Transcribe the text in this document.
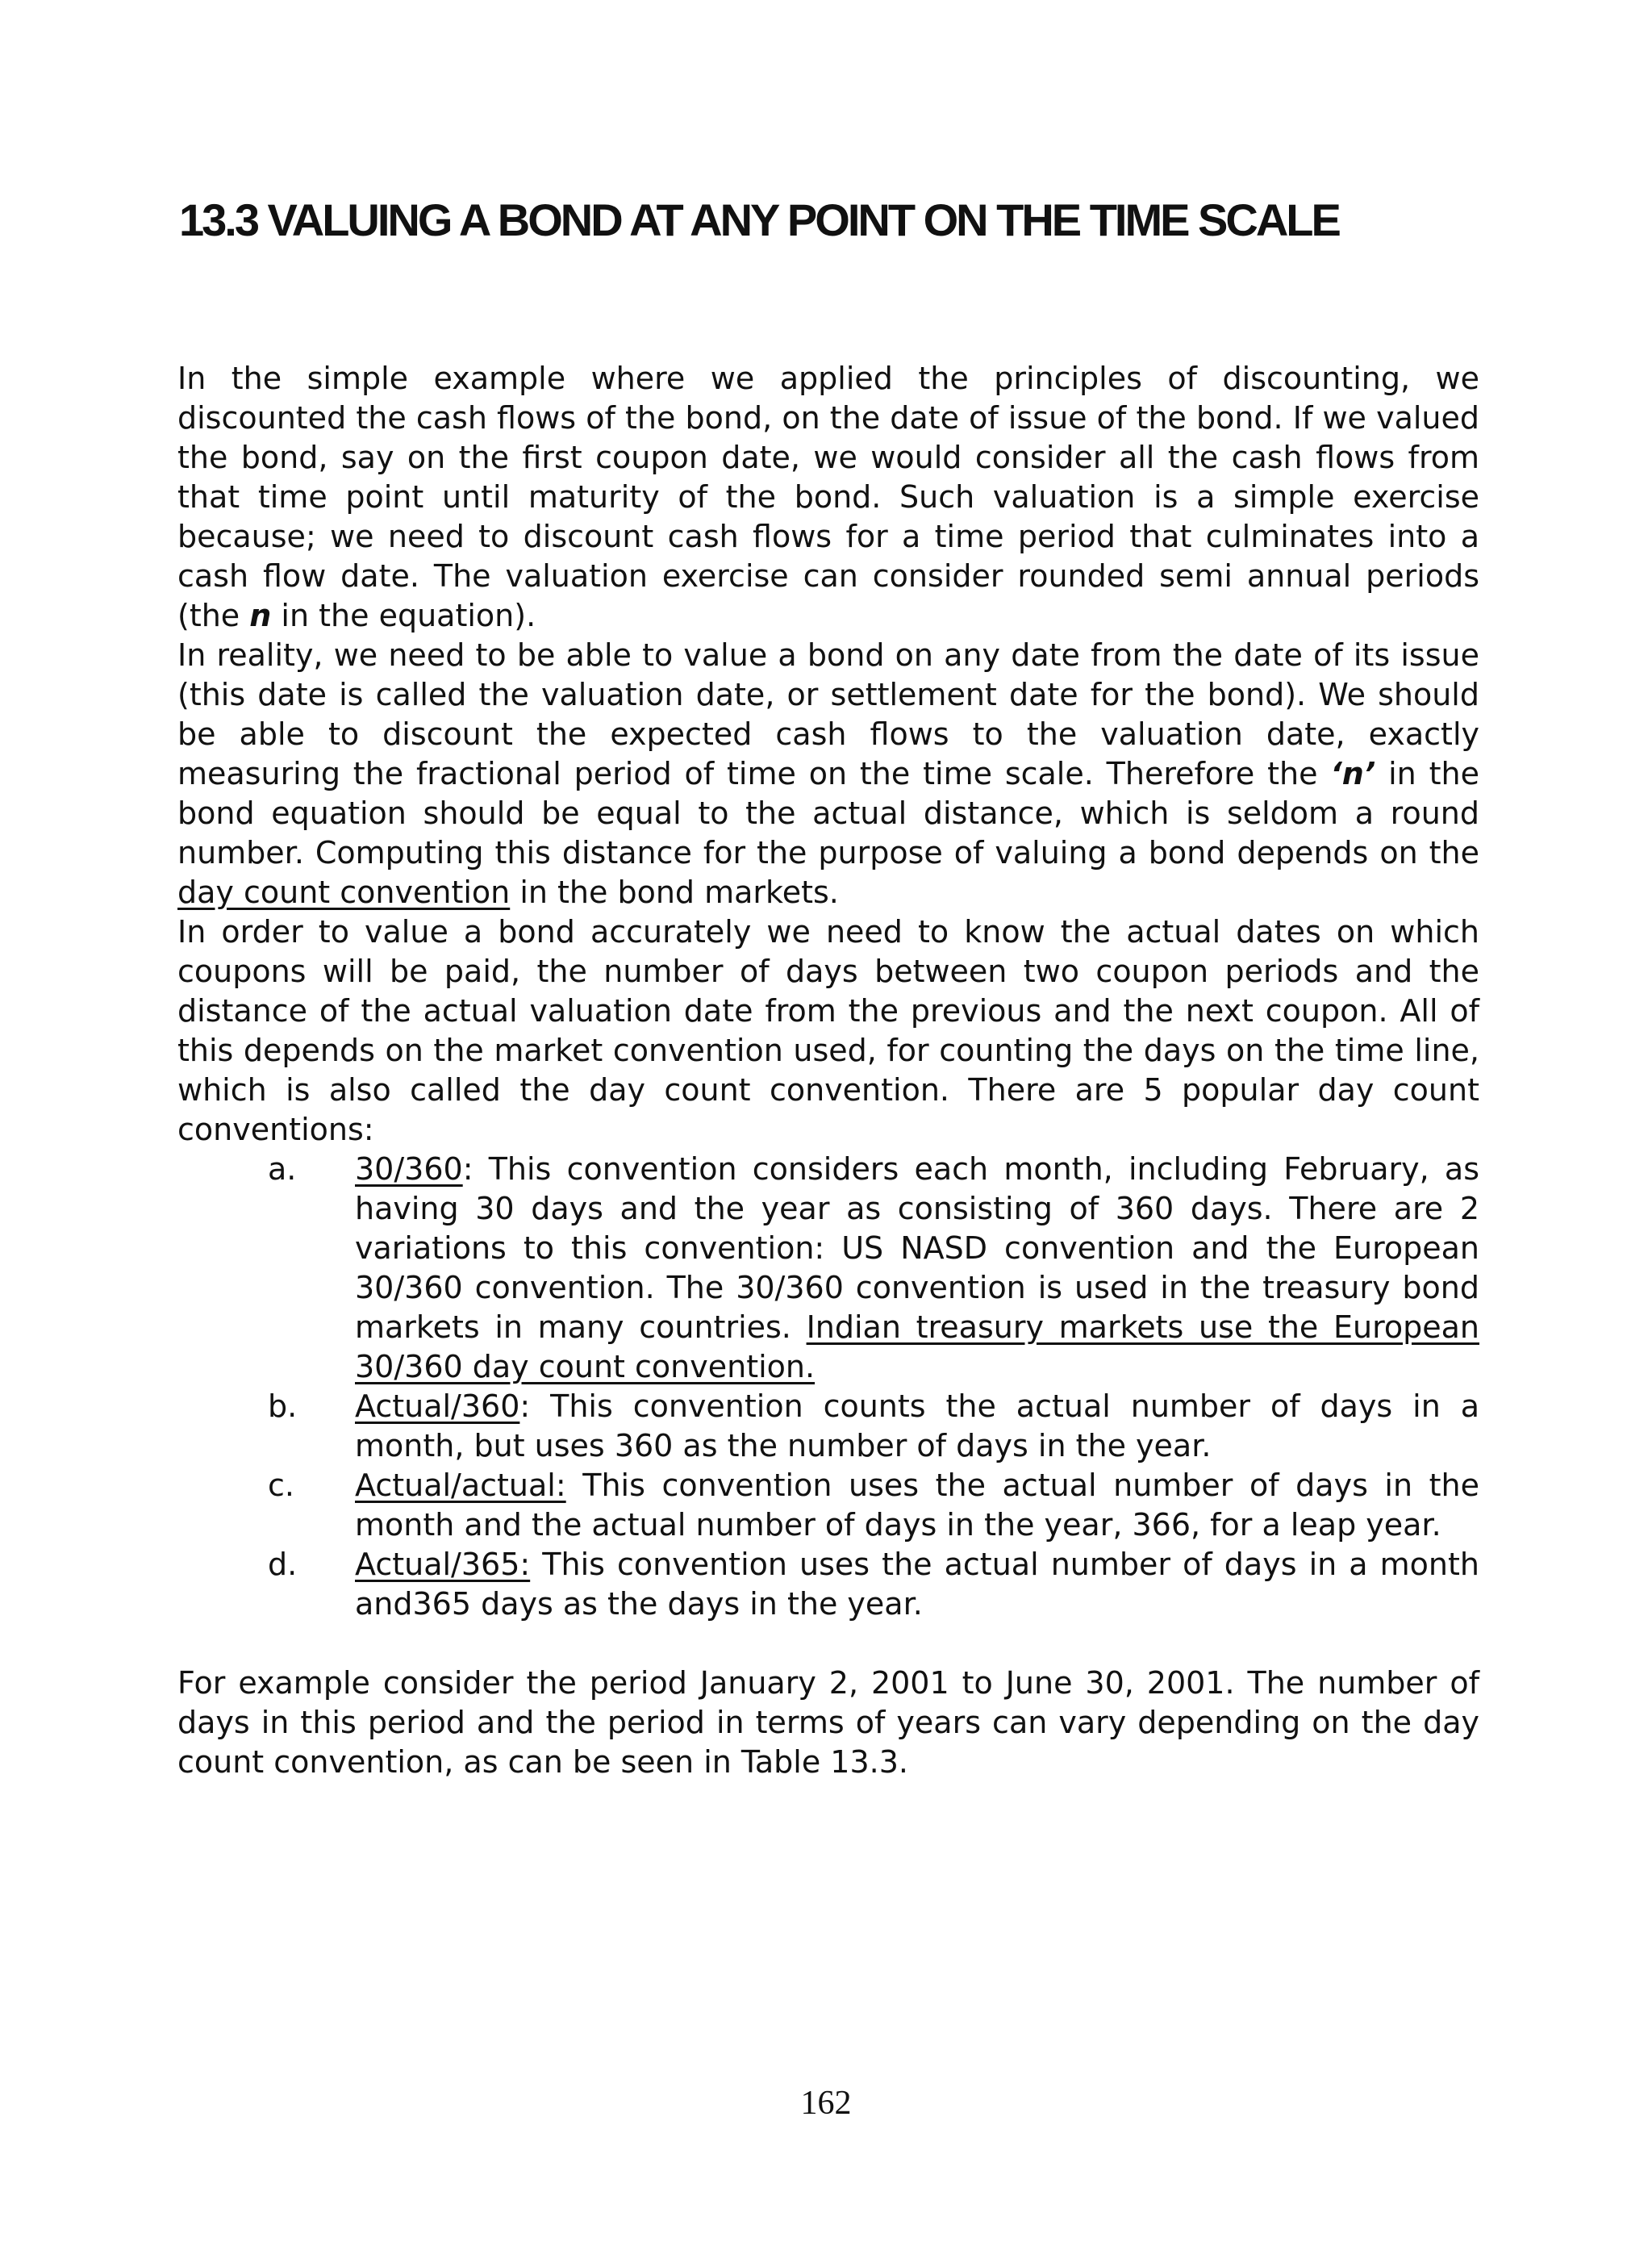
13.3 VALUING A BOND AT ANY POINT ON THE TIME SCALE

In the simple example where we applied the principles of discounting, we discounted the cash flows of the bond, on the date of issue of the bond. If we valued the bond, say on the first coupon date, we would consider all the cash flows from that time point until maturity of the bond. Such valuation is a simple exercise because; we need to discount cash flows for a time period that culminates into a cash flow date. The valuation exercise can consider rounded semi annual periods (the n in the equation).

In reality, we need to be able to value a bond on any date from the date of its issue (this date is called the valuation date, or settlement date for the bond). We should be able to discount the expected cash flows to the valuation date, exactly measuring the fractional period of time on the time scale. Therefore the ‘n’ in the bond equation should be equal to the actual distance, which is seldom a round number. Computing this distance for the purpose of valuing a bond depends on the day count convention in the bond markets.

In order to value a bond accurately we need to know the actual dates on which coupons will be paid, the number of days between two coupon periods and the distance of the actual valuation date from the previous and the next coupon. All of this depends on the market convention used, for counting the days on the time line, which is also called the day count convention. There are 5 popular day count conventions:

a. 30/360: This convention considers each month, including February, as having 30 days and the year as consisting of 360 days. There are 2 variations to this convention: US NASD convention and the European 30/360 convention. The 30/360 convention is used in the treasury bond markets in many countries. Indian treasury markets use the European 30/360 day count convention.
b. Actual/360: This convention counts the actual number of days in a month, but uses 360 as the number of days in the year.
c. Actual/actual: This convention uses the actual number of days in the month and the actual number of days in the year, 366, for a leap year.
d. Actual/365: This convention uses the actual number of days in a month and365 days as the days in the year.

For example consider the period January 2, 2001 to June 30, 2001. The number of days in this period and the period in terms of years can vary depending on the day count convention, as can be seen in Table 13.3.

162
